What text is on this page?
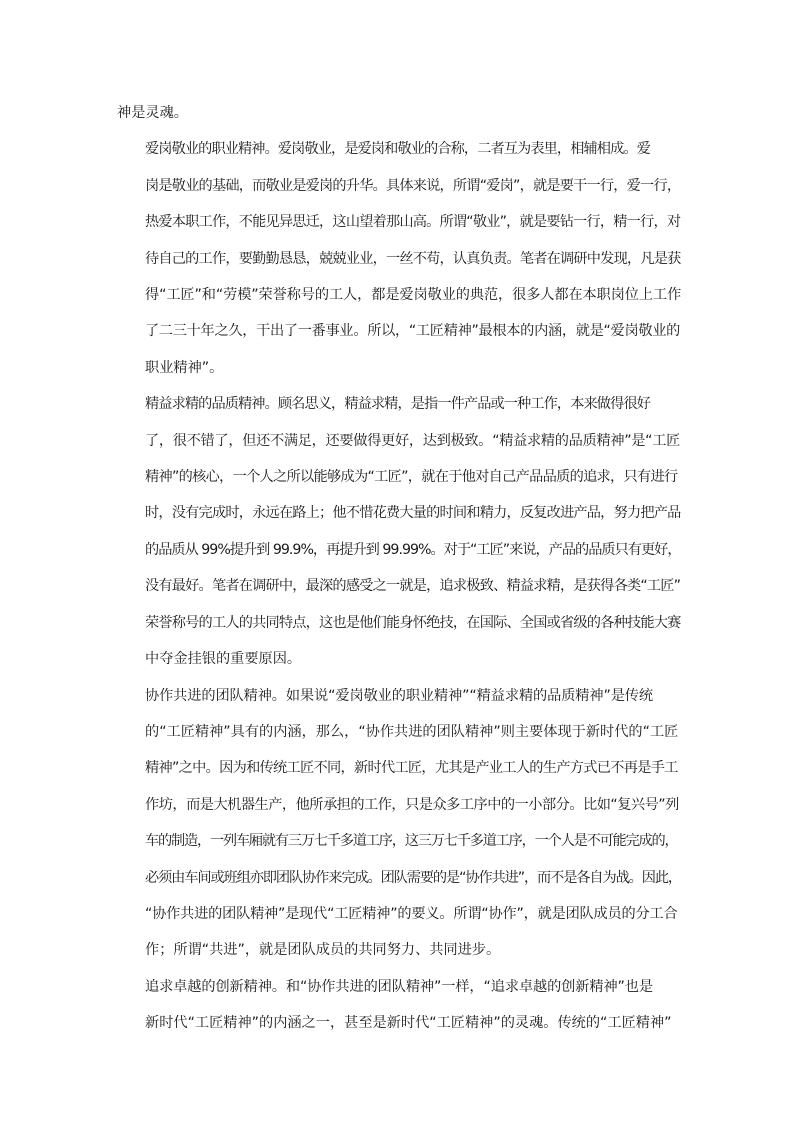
神是灵魂。

爱岗敬业的职业精神。爱岗敬业，是爱岗和敬业的合称，二者互为表里，相辅相成。爱
岗是敬业的基础，而敬业是爱岗的升华。具体来说，所谓“爱岗”，就是要干一行，爱一行，
热爱本职工作，不能见异思迁，这山望着那山高。所谓“敬业”，就是要钻一行，精一行，对
待自己的工作，要勤勤恳恳，兢兢业业，一丝不苟，认真负责。笔者在调研中发现，凡是获
得“工匠”和“劳模”荣誉称号的工人，都是爱岗敬业的典范，很多人都在本职岗位上工作
了二三十年之久，干出了一番事业。所以，“工匠精神”最根本的内涵，就是“爱岗敬业的
职业精神”。

精益求精的品质精神。顾名思义，精益求精，是指一件产品或一种工作，本来做得很好
了，很不错了，但还不满足，还要做得更好，达到极致。“精益求精的品质精神”是“工匠
精神”的核心，一个人之所以能够成为“工匠”，就在于他对自己产品品质的追求，只有进行
时，没有完成时，永远在路上；他不惜花费大量的时间和精力，反复改进产品，努力把产品
的品质从 99%提升到 99.9%，再提升到 99.99%。对于“工匠”来说，产品的品质只有更好，
没有最好。笔者在调研中，最深的感受之一就是，追求极致、精益求精，是获得各类“工匠”
荣誉称号的工人的共同特点，这也是他们能身怀绝技，在国际、全国或省级的各种技能大赛
中夺金挂银的重要原因。

协作共进的团队精神。如果说“爱岗敬业的职业精神”“精益求精的品质精神”是传统
的“工匠精神”具有的内涵，那么，“协作共进的团队精神”则主要体现于新时代的“工匠
精神”之中。因为和传统工匠不同，新时代工匠，尤其是产业工人的生产方式已不再是手工
作坊，而是大机器生产，他所承担的工作，只是众多工序中的一小部分。比如“复兴号”列
车的制造，一列车厢就有三万七千多道工序，这三万七千多道工序，一个人是不可能完成的，
必须由车间或班组亦即团队协作来完成。团队需要的是“协作共进”，而不是各自为战。因此，
“协作共进的团队精神”是现代“工匠精神”的要义。所谓“协作”，就是团队成员的分工合
作；所谓“共进”，就是团队成员的共同努力、共同进步。

追求卓越的创新精神。和“协作共进的团队精神”一样，“追求卓越的创新精神”也是
新时代“工匠精神”的内涵之一，甚至是新时代“工匠精神”的灵魂。传统的“工匠精神”
